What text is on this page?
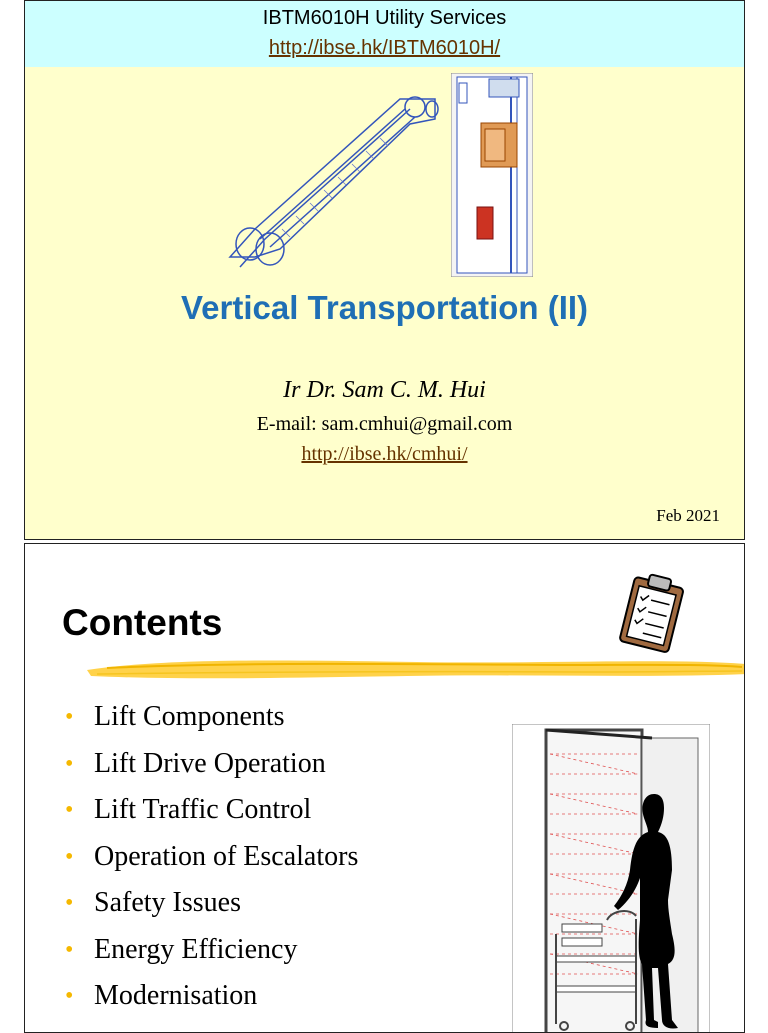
IBTM6010H Utility Services
http://ibse.hk/IBTM6010H/
Vertical Transportation (II)
Ir Dr. Sam C. M. Hui
E-mail: sam.cmhui@gmail.com
http://ibse.hk/cmhui/
Feb 2021
Contents
• Lift Components
• Lift Drive Operation
• Lift Traffic Control
• Operation of Escalators
• Safety Issues
• Energy Efficiency
• Modernisation
